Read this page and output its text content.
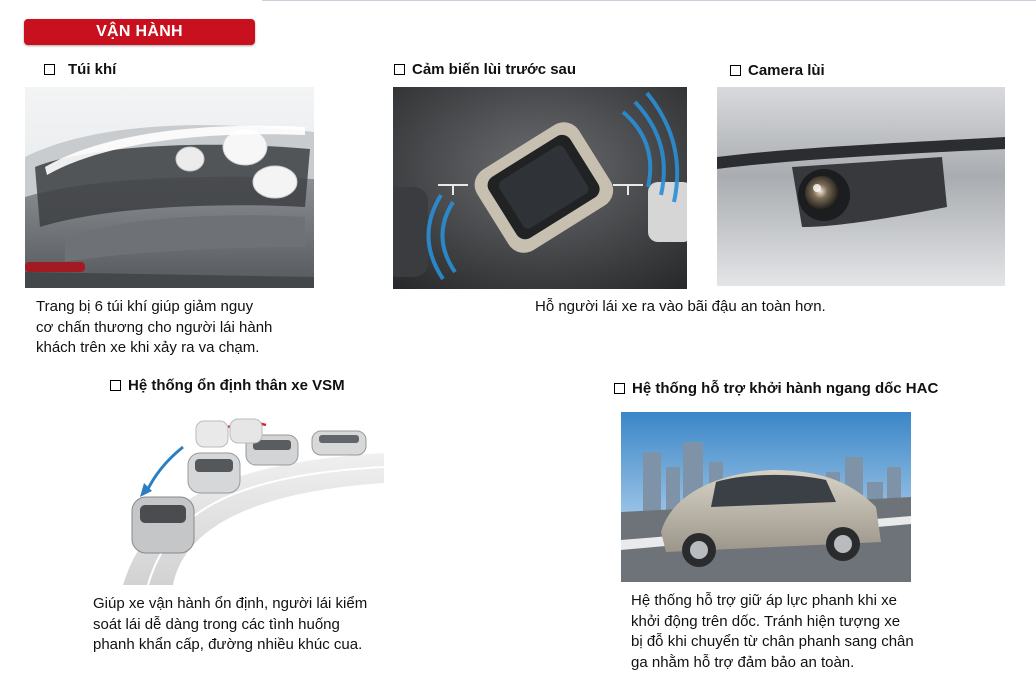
VẬN HÀNH
Túi khí	Cảm biến lùi trước sau	Camera lùi
Hệ thống ổn định thân xe VSM	Hệ thống hỗ trợ khởi hành ngang dốc HAC
Trang bị 6 túi khí giúp giảm nguy
cơ chấn thương cho người lái hành
khách trên xe khi xảy ra va chạm.
Hỗ người lái xe ra vào bãi đậu an toàn hơn.
Giúp xe vận hành ổn định, người lái kiểm
soát lái dễ dàng trong các tình huống
phanh khẩn cấp, đường nhiều khúc cua.
Hệ thống hỗ trợ giữ áp lực phanh khi xe
khởi động trên dốc. Tránh hiện tượng xe
bị đỗ khi chuyển từ chân phanh sang chân
ga nhằm hỗ trợ đảm bảo an toàn.
